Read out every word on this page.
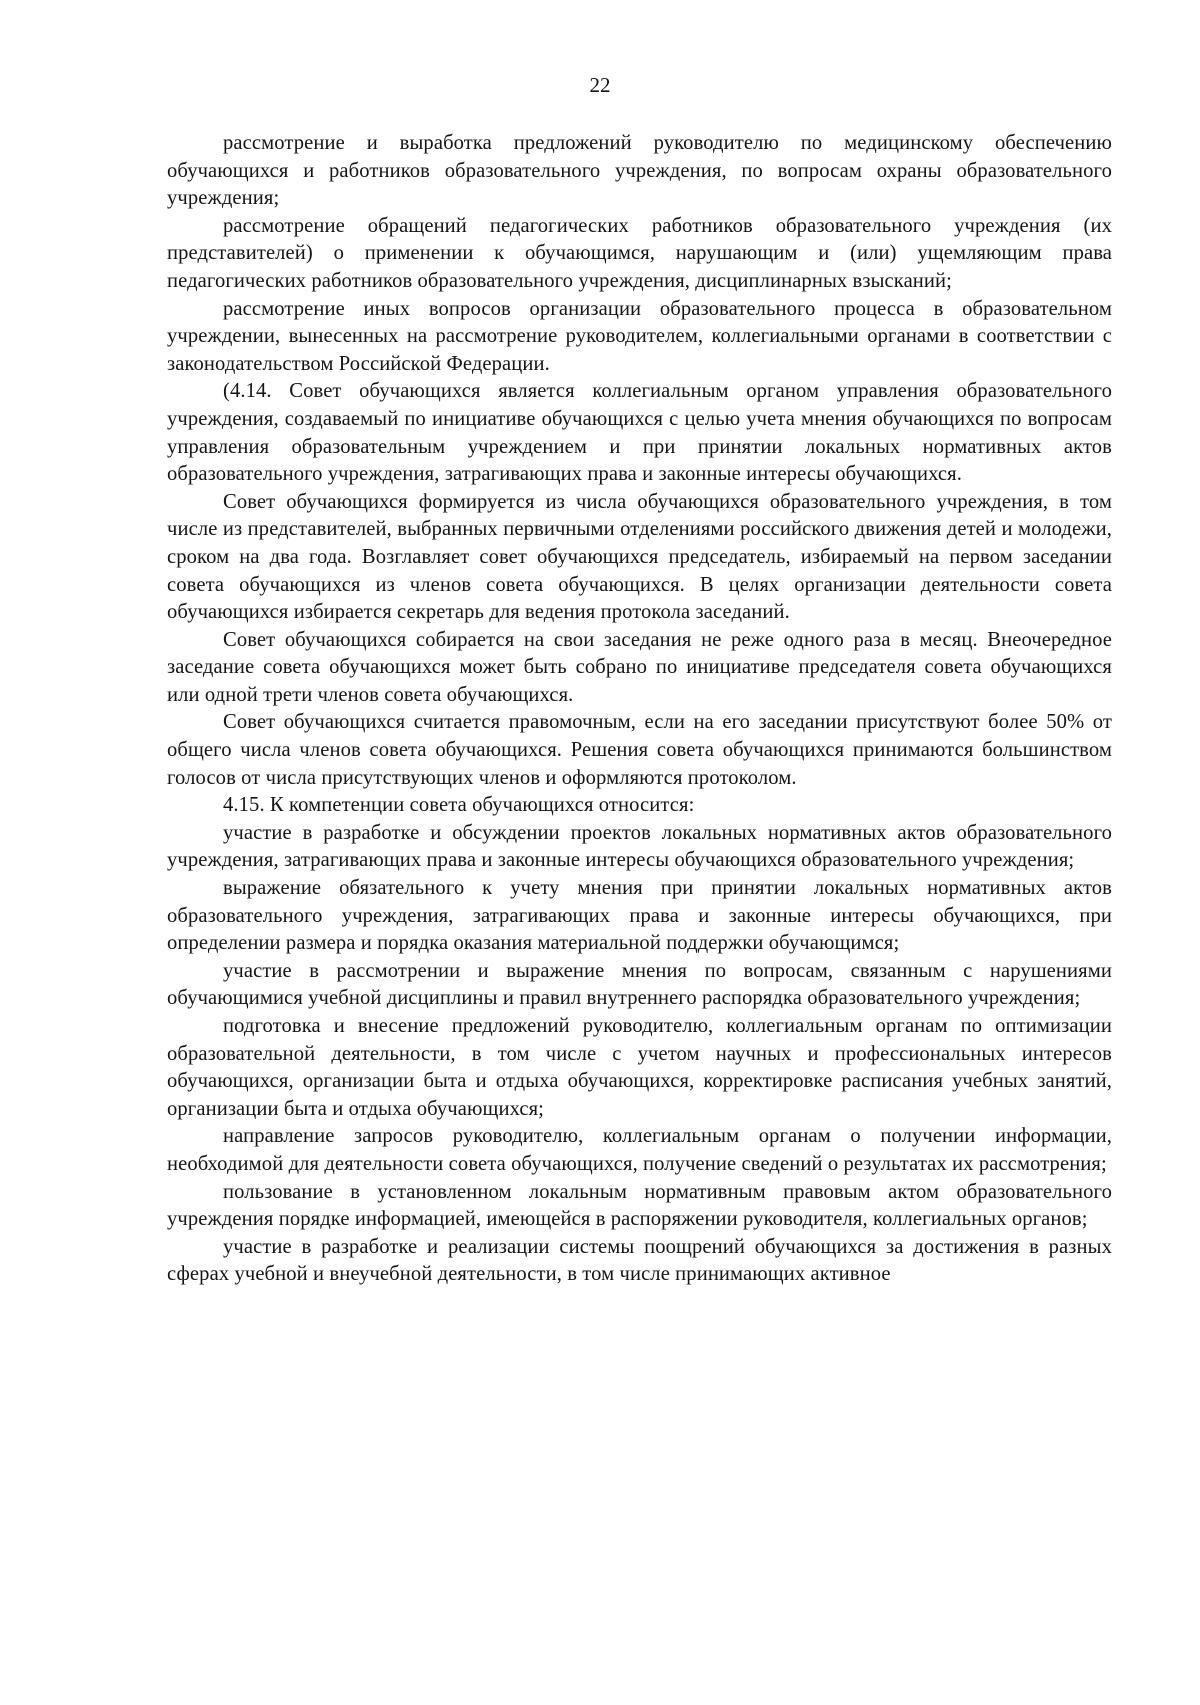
22

рассмотрение и выработка предложений руководителю по медицинскому обеспечению обучающихся и работников образовательного учреждения, по вопросам охраны образовательного учреждения;

рассмотрение обращений педагогических работников образовательного учреждения (их представителей) о применении к обучающимся, нарушающим и (или) ущемляющим права педагогических работников образовательного учреждения, дисциплинарных взысканий;

рассмотрение иных вопросов организации образовательного процесса в образовательном учреждении, вынесенных на рассмотрение руководителем, коллегиальными органами в соответствии с законодательством Российской Федерации.

(4.14. Совет обучающихся является коллегиальным органом управления образовательного учреждения, создаваемый по инициативе обучающихся с целью учета мнения обучающихся по вопросам управления образовательным учреждением и при принятии локальных нормативных актов образовательного учреждения, затрагивающих права и законные интересы обучающихся.

Совет обучающихся формируется из числа обучающихся образовательного учреждения, в том числе из представителей, выбранных первичными отделениями российского движения детей и молодежи, сроком на два года. Возглавляет совет обучающихся председатель, избираемый на первом заседании совета обучающихся из членов совета обучающихся. В целях организации деятельности совета обучающихся избирается секретарь для ведения протокола заседаний.

Совет обучающихся собирается на свои заседания не реже одного раза в месяц. Внеочередное заседание совета обучающихся может быть собрано по инициативе председателя совета обучающихся или одной трети членов совета обучающихся.

Совет обучающихся считается правомочным, если на его заседании присутствуют более 50% от общего числа членов совета обучающихся. Решения совета обучающихся принимаются большинством голосов от числа присутствующих членов и оформляются протоколом.

4.15. К компетенции совета обучающихся относится:

участие в разработке и обсуждении проектов локальных нормативных актов образовательного учреждения, затрагивающих права и законные интересы обучающихся образовательного учреждения;

выражение обязательного к учету мнения при принятии локальных нормативных актов образовательного учреждения, затрагивающих права и законные интересы обучающихся, при определении размера и порядка оказания материальной поддержки обучающимся;

участие в рассмотрении и выражение мнения по вопросам, связанным с нарушениями обучающимися учебной дисциплины и правил внутреннего распорядка образовательного учреждения;

подготовка и внесение предложений руководителю, коллегиальным органам по оптимизации образовательной деятельности, в том числе с учетом научных и профессиональных интересов обучающихся, организации быта и отдыха обучающихся, корректировке расписания учебных занятий, организации быта и отдыха обучающихся;

направление запросов руководителю, коллегиальным органам о получении информации, необходимой для деятельности совета обучающихся, получение сведений о результатах их рассмотрения;

пользование в установленном локальным нормативным правовым актом образовательного учреждения порядке информацией, имеющейся в распоряжении руководителя, коллегиальных органов;

участие в разработке и реализации системы поощрений обучающихся за достижения в разных сферах учебной и внеучебной деятельности, в том числе принимающих активное
